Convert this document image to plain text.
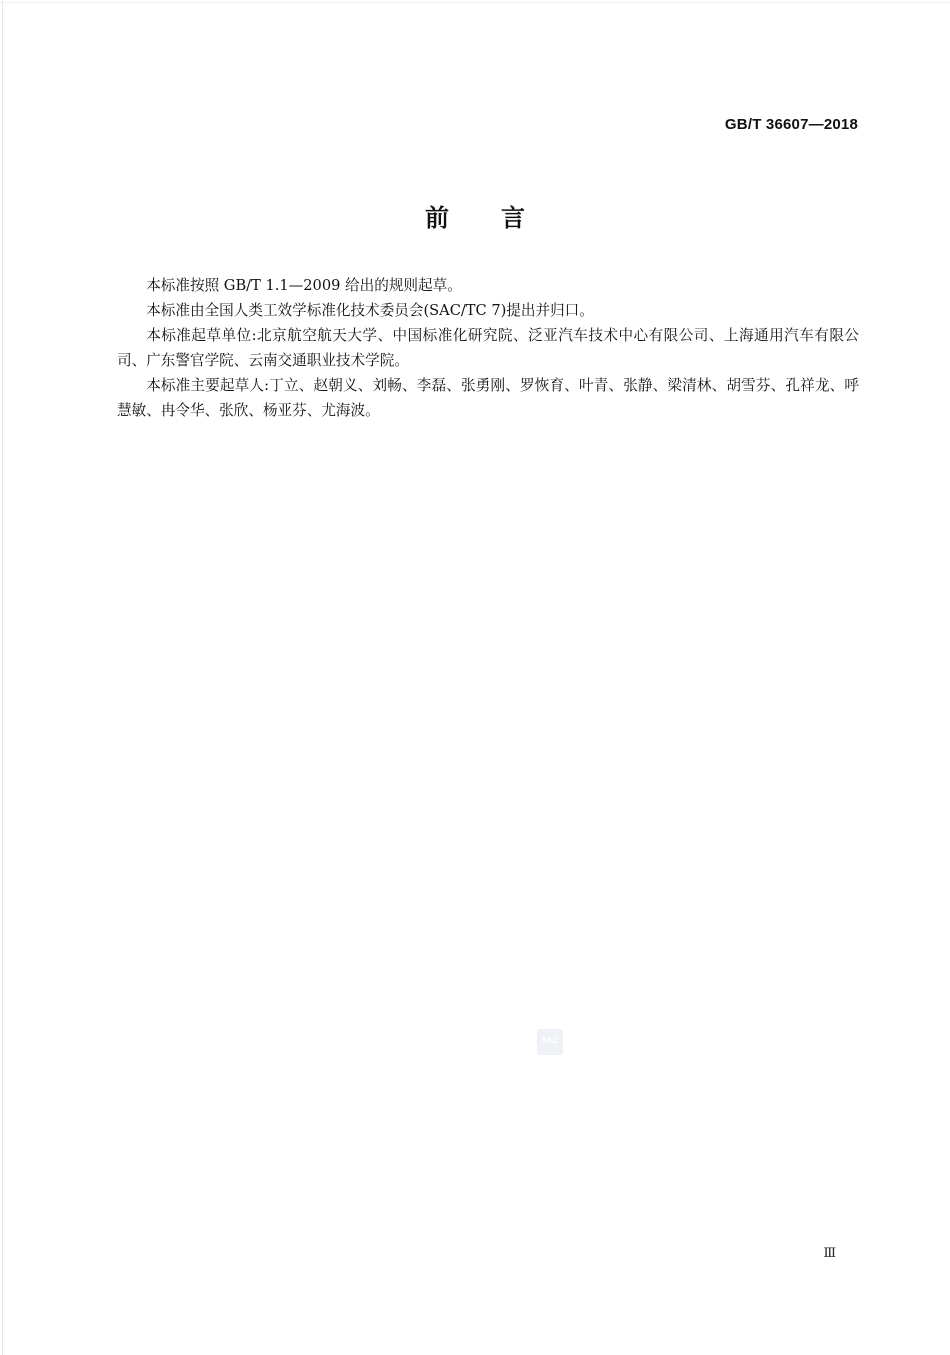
GB/T 36607—2018
前言

本标准按照 GB/T 1.1—2009 给出的规则起草。

本标准由全国人类工效学标准化技术委员会(SAC/TC 7)提出并归口。

本标准起草单位:北京航空航天大学、中国标准化研究院、泛亚汽车技术中心有限公司、上海通用汽车有限公司、广东警官学院、云南交通职业技术学院。

本标准主要起草人:丁立、赵朝义、刘畅、李磊、张勇刚、罗恢育、叶青、张静、梁清林、胡雪芬、孔祥龙、呼慧敏、冉令华、张欣、杨亚芬、尤海波。

SAC
Ⅲ
